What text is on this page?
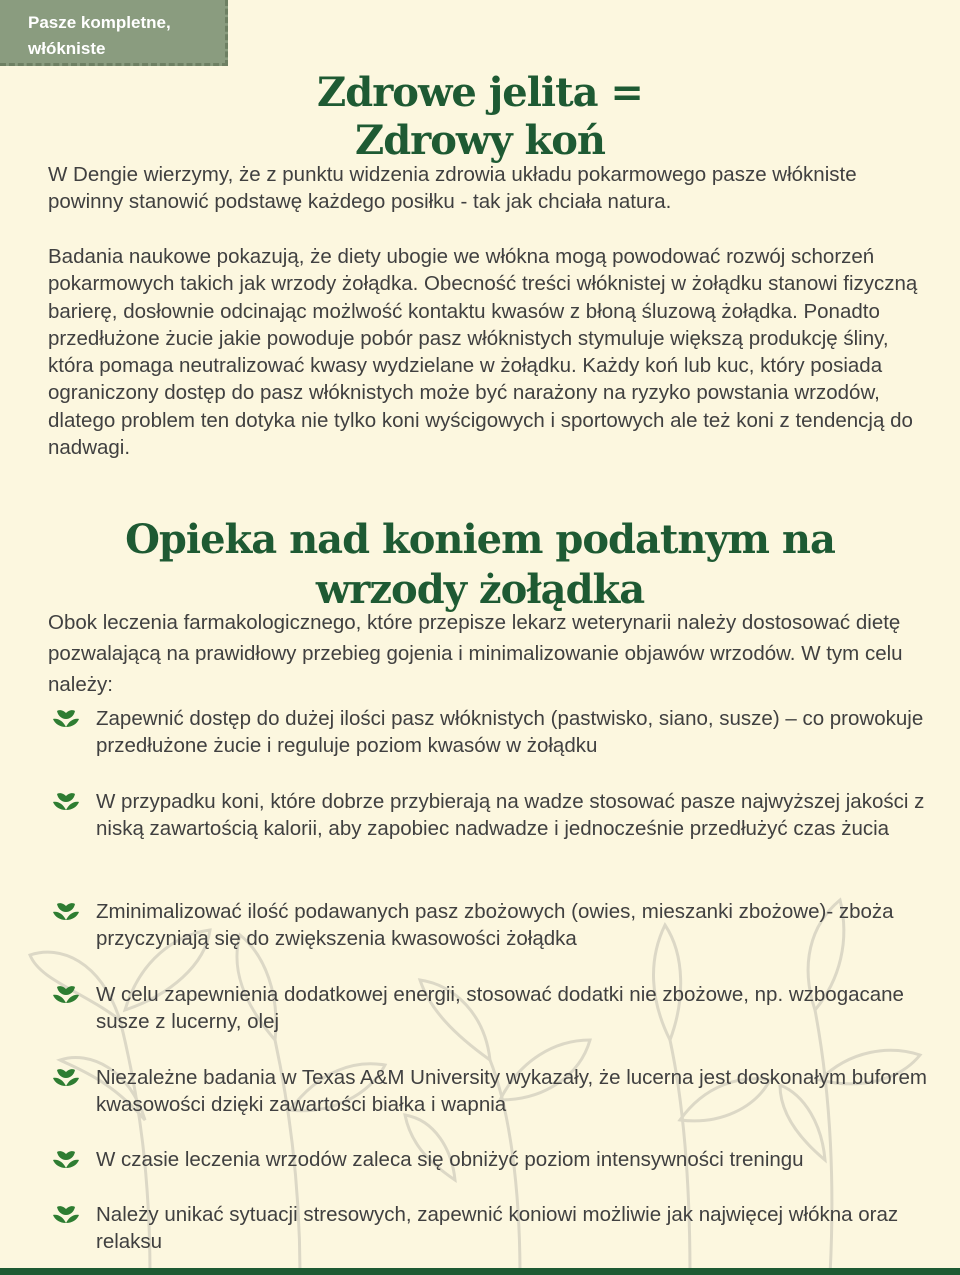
Pasze kompletne,
włókniste
Zdrowe jelita =
Zdrowy koń

W Dengie wierzymy, że z punktu widzenia zdrowia układu pokarmowego pasze włókniste powinny stanowić podstawę każdego posiłku - tak jak chciała natura.

Badania naukowe pokazują, że diety ubogie we włókna mogą powodować rozwój schorzeń pokarmowych takich jak wrzody żołądka. Obecność treści włóknistej w żołądku stanowi fizyczną barierę, dosłownie odcinając możlwość kontaktu kwasów z błoną śluzową żołądka. Ponadto przedłużone żucie jakie powoduje pobór pasz włóknistych stymuluje większą produkcję śliny, która pomaga neutralizować kwasy wydzielane w żołądku. Każdy koń lub kuc, który posiada ograniczony dostęp do pasz włóknistych może być narażony na ryzyko powstania wrzodów, dlatego problem ten dotyka nie tylko koni wyścigowych i sportowych ale też koni z tendencją do nadwagi.

Opieka nad koniem podatnym na
wrzody żołądka

Obok leczenia farmakologicznego, które przepisze lekarz weterynarii należy dostosować dietę pozwalającą na prawidłowy przebieg gojenia i minimalizowanie objawów wrzodów. W tym celu należy:

Zapewnić dostęp do dużej ilości pasz włóknistych (pastwisko, siano, susze) – co prowokuje przedłużone żucie i reguluje poziom kwasów w żołądku
W przypadku koni, które dobrze przybierają na wadze stosować pasze najwyższej jakości z niską zawartością kalorii, aby zapobiec nadwadze i jednocześnie przedłużyć czas żucia
Zminimalizować ilość podawanych pasz zbożowych (owies, mieszanki zbożowe)- zboża przyczyniają się do zwiększenia kwasowości żołądka
W celu zapewnienia dodatkowej energii, stosować dodatki nie zbożowe, np. wzbogacane susze z lucerny, olej
Niezależne badania w Texas A&M University wykazały, że lucerna jest doskonałym buforem kwasowości dzięki zawartości białka i wapnia
W czasie leczenia wrzodów zaleca się obniżyć poziom intensywności treningu
Należy unikać sytuacji stresowych, zapewnić koniowi możliwie jak najwięcej włókna oraz relaksu
